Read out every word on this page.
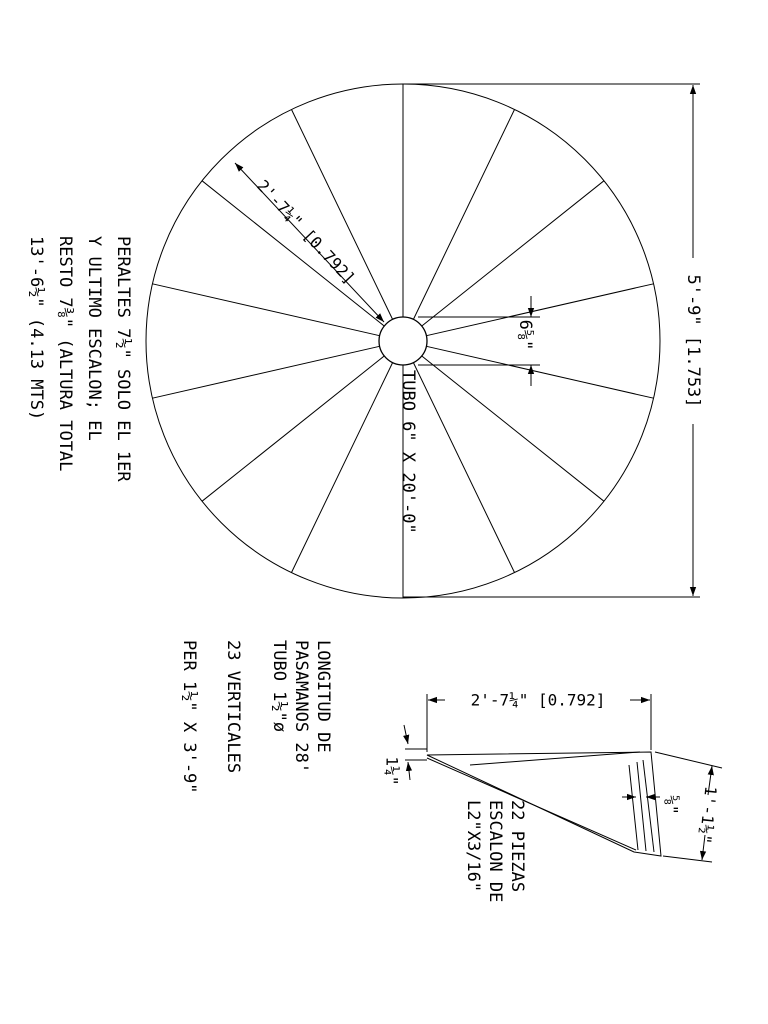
5'-9" [1.753]
2'-7¼" [0.792]
6⅝"
TUBO 6" X 20'-0"
PERALTES 7½" SOLO EL 1ER
Y ULTIMO ESCALON; EL
RESTO 7⅜" (ALTURA TOTAL
13'-6½" (4.13 MTS)
LONGITUD DE
PASAMANOS 28'
TUBO 1½"ø
23 VERTICALES
PER 1½" X 3'-9"
22 PIEZAS
ESCALON DE
L2"X3/16"
2'-7¼" [0.792]
1'-1½"
1¼"
⅝"
